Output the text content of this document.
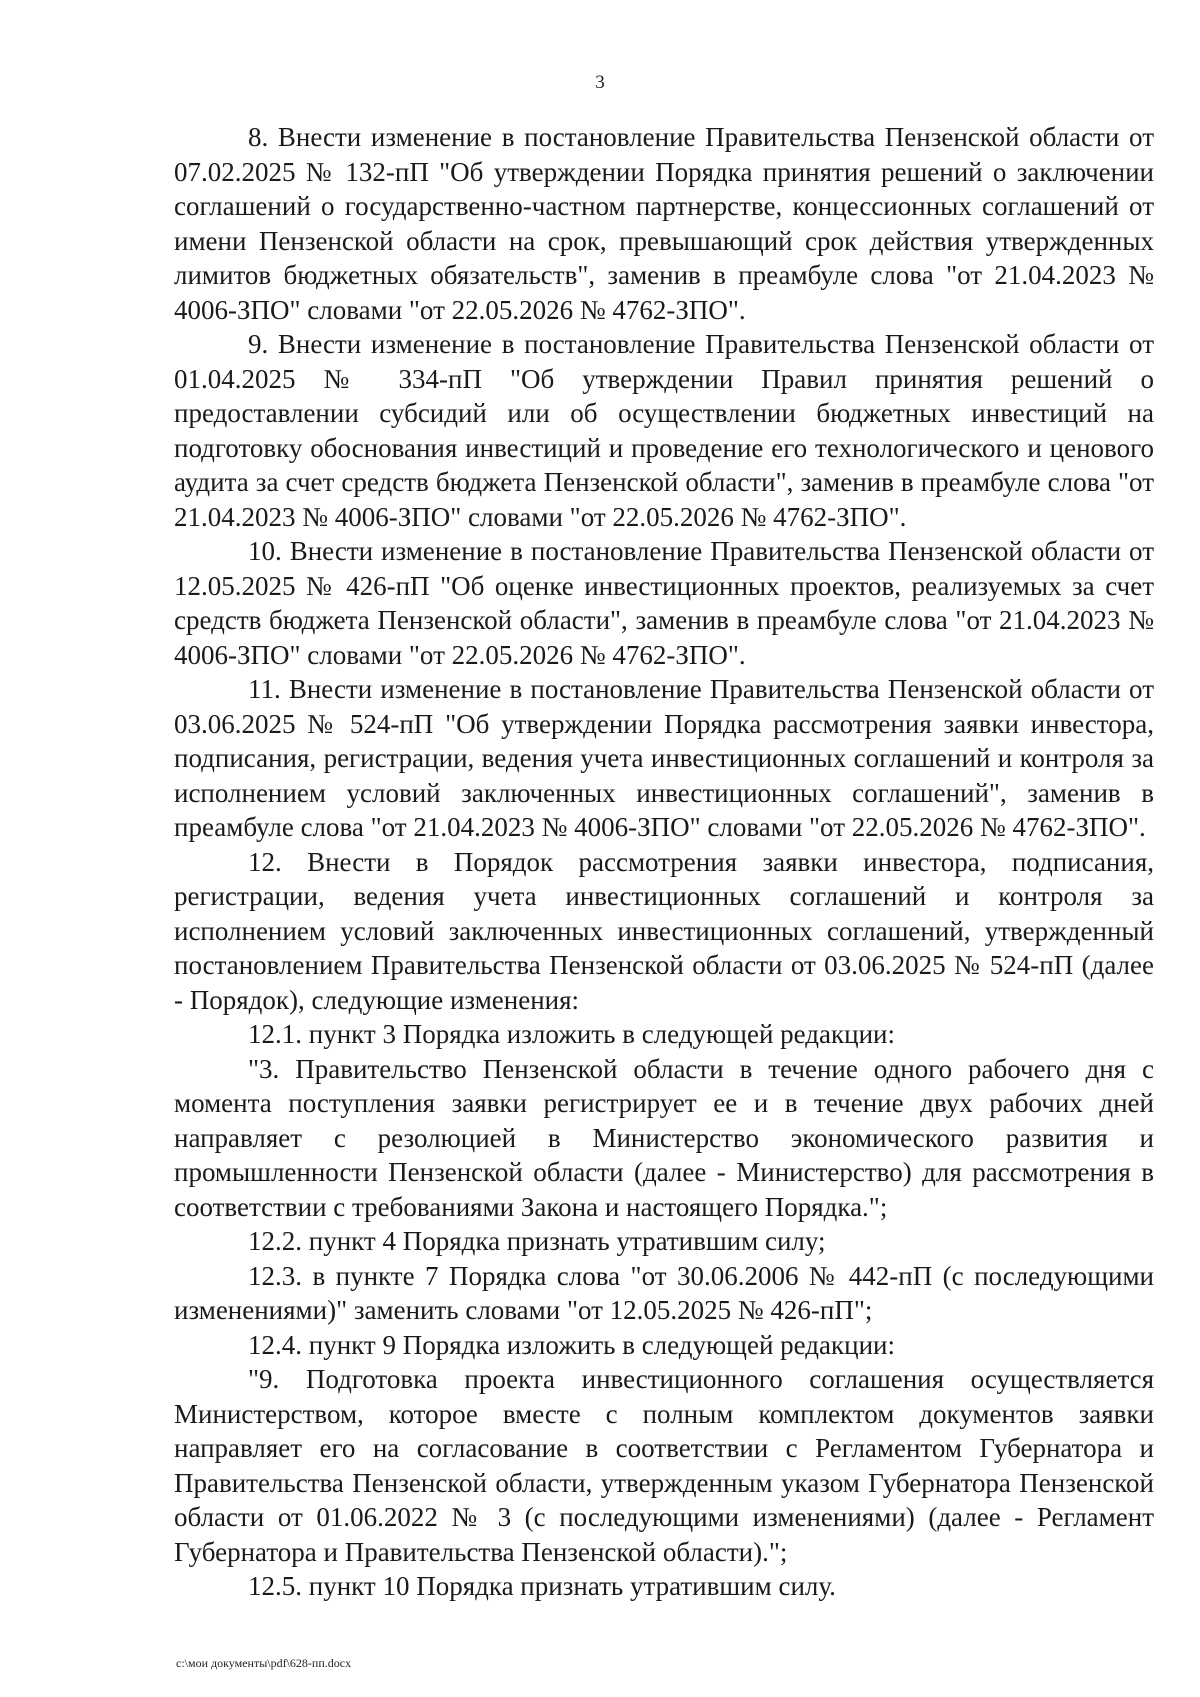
3

8. Внести изменение в постановление Правительства Пензенской области от 07.02.2025 № 132-пП "Об утверждении Порядка принятия решений о заключении соглашений о государственно-частном партнерстве, концессионных соглашений от имени Пензенской области на срок, превышающий срок действия утвержденных лимитов бюджетных обязательств", заменив в преамбуле слова "от 21.04.2023 № 4006-ЗПО" словами "от 22.05.2026 № 4762-ЗПО".

9. Внести изменение в постановление Правительства Пензенской области от 01.04.2025 № 334-пП "Об утверждении Правил принятия решений о предоставлении субсидий или об осуществлении бюджетных инвестиций на подготовку обоснования инвестиций и проведение его технологического и ценового аудита за счет средств бюджета Пензенской области", заменив в преамбуле слова "от 21.04.2023 № 4006-ЗПО" словами "от 22.05.2026 № 4762-ЗПО".

10. Внести изменение в постановление Правительства Пензенской области от 12.05.2025 № 426-пП "Об оценке инвестиционных проектов, реализуемых за счет средств бюджета Пензенской области", заменив в преамбуле слова "от 21.04.2023 № 4006-ЗПО" словами "от 22.05.2026 № 4762-ЗПО".

11. Внести изменение в постановление Правительства Пензенской области от 03.06.2025 № 524-пП "Об утверждении Порядка рассмотрения заявки инвестора, подписания, регистрации, ведения учета инвестиционных соглашений и контроля за исполнением условий заключенных инвестиционных соглашений", заменив в преамбуле слова "от 21.04.2023 № 4006-ЗПО" словами "от 22.05.2026 № 4762-ЗПО".

12. Внести в Порядок рассмотрения заявки инвестора, подписания, регистрации, ведения учета инвестиционных соглашений и контроля за исполнением условий заключенных инвестиционных соглашений, утвержденный постановлением Правительства Пензенской области от 03.06.2025 № 524-пП (далее - Порядок), следующие изменения:

12.1. пункт 3 Порядка изложить в следующей редакции:

"3. Правительство Пензенской области в течение одного рабочего дня с момента поступления заявки регистрирует ее и в течение двух рабочих дней направляет с резолюцией в Министерство экономического развития и промышленности Пензенской области (далее - Министерство) для рассмотрения в соответствии с требованиями Закона и настоящего Порядка.";

12.2. пункт 4 Порядка признать утратившим силу;

12.3. в пункте 7 Порядка слова "от 30.06.2006 № 442-пП (с последующими изменениями)" заменить словами "от 12.05.2025 № 426-пП";

12.4. пункт 9 Порядка изложить в следующей редакции:

"9. Подготовка проекта инвестиционного соглашения осуществляется Министерством, которое вместе с полным комплектом документов заявки направляет его на согласование в соответствии с Регламентом Губернатора и Правительства Пензенской области, утвержденным указом Губернатора Пензенской области от 01.06.2022 № 3 (с последующими изменениями) (далее - Регламент Губернатора и Правительства Пензенской области).";

12.5. пункт 10 Порядка признать утратившим силу.

c:\мои документы\pdf\628-пп.docx
